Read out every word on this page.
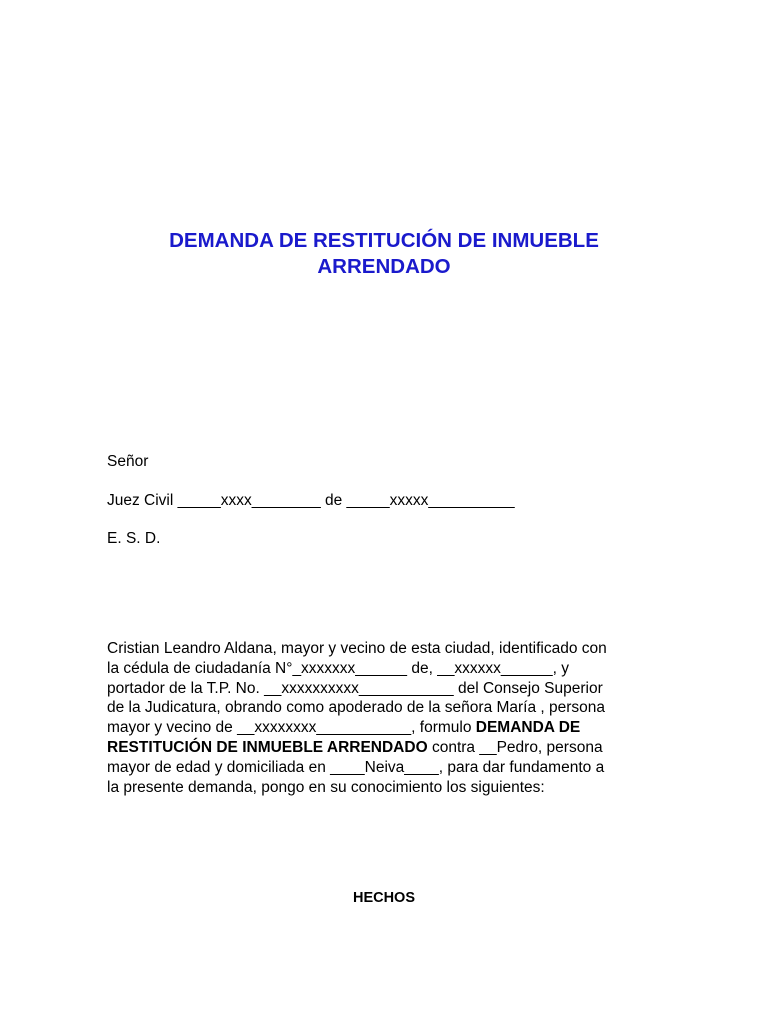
DEMANDA DE RESTITUCIÓN DE INMUEBLE
ARRENDADO

Señor

Juez Civil _____xxxx________ de _____xxxxx__________

E. S. D.

Cristian Leandro Aldana, mayor y vecino de esta ciudad, identificado con
la cédula de ciudadanía N°_xxxxxxx______ de, __xxxxxx______, y
portador de la T.P. No. __xxxxxxxxxx___________ del Consejo Superior
de la Judicatura, obrando como apoderado de la señora María , persona
mayor y vecino de __xxxxxxxx___________, formulo DEMANDA DE
RESTITUCIÓN DE INMUEBLE ARRENDADO contra __Pedro, persona
mayor de edad y domiciliada en ____Neiva____, para dar fundamento a
la presente demanda, pongo en su conocimiento los siguientes:

HECHOS
